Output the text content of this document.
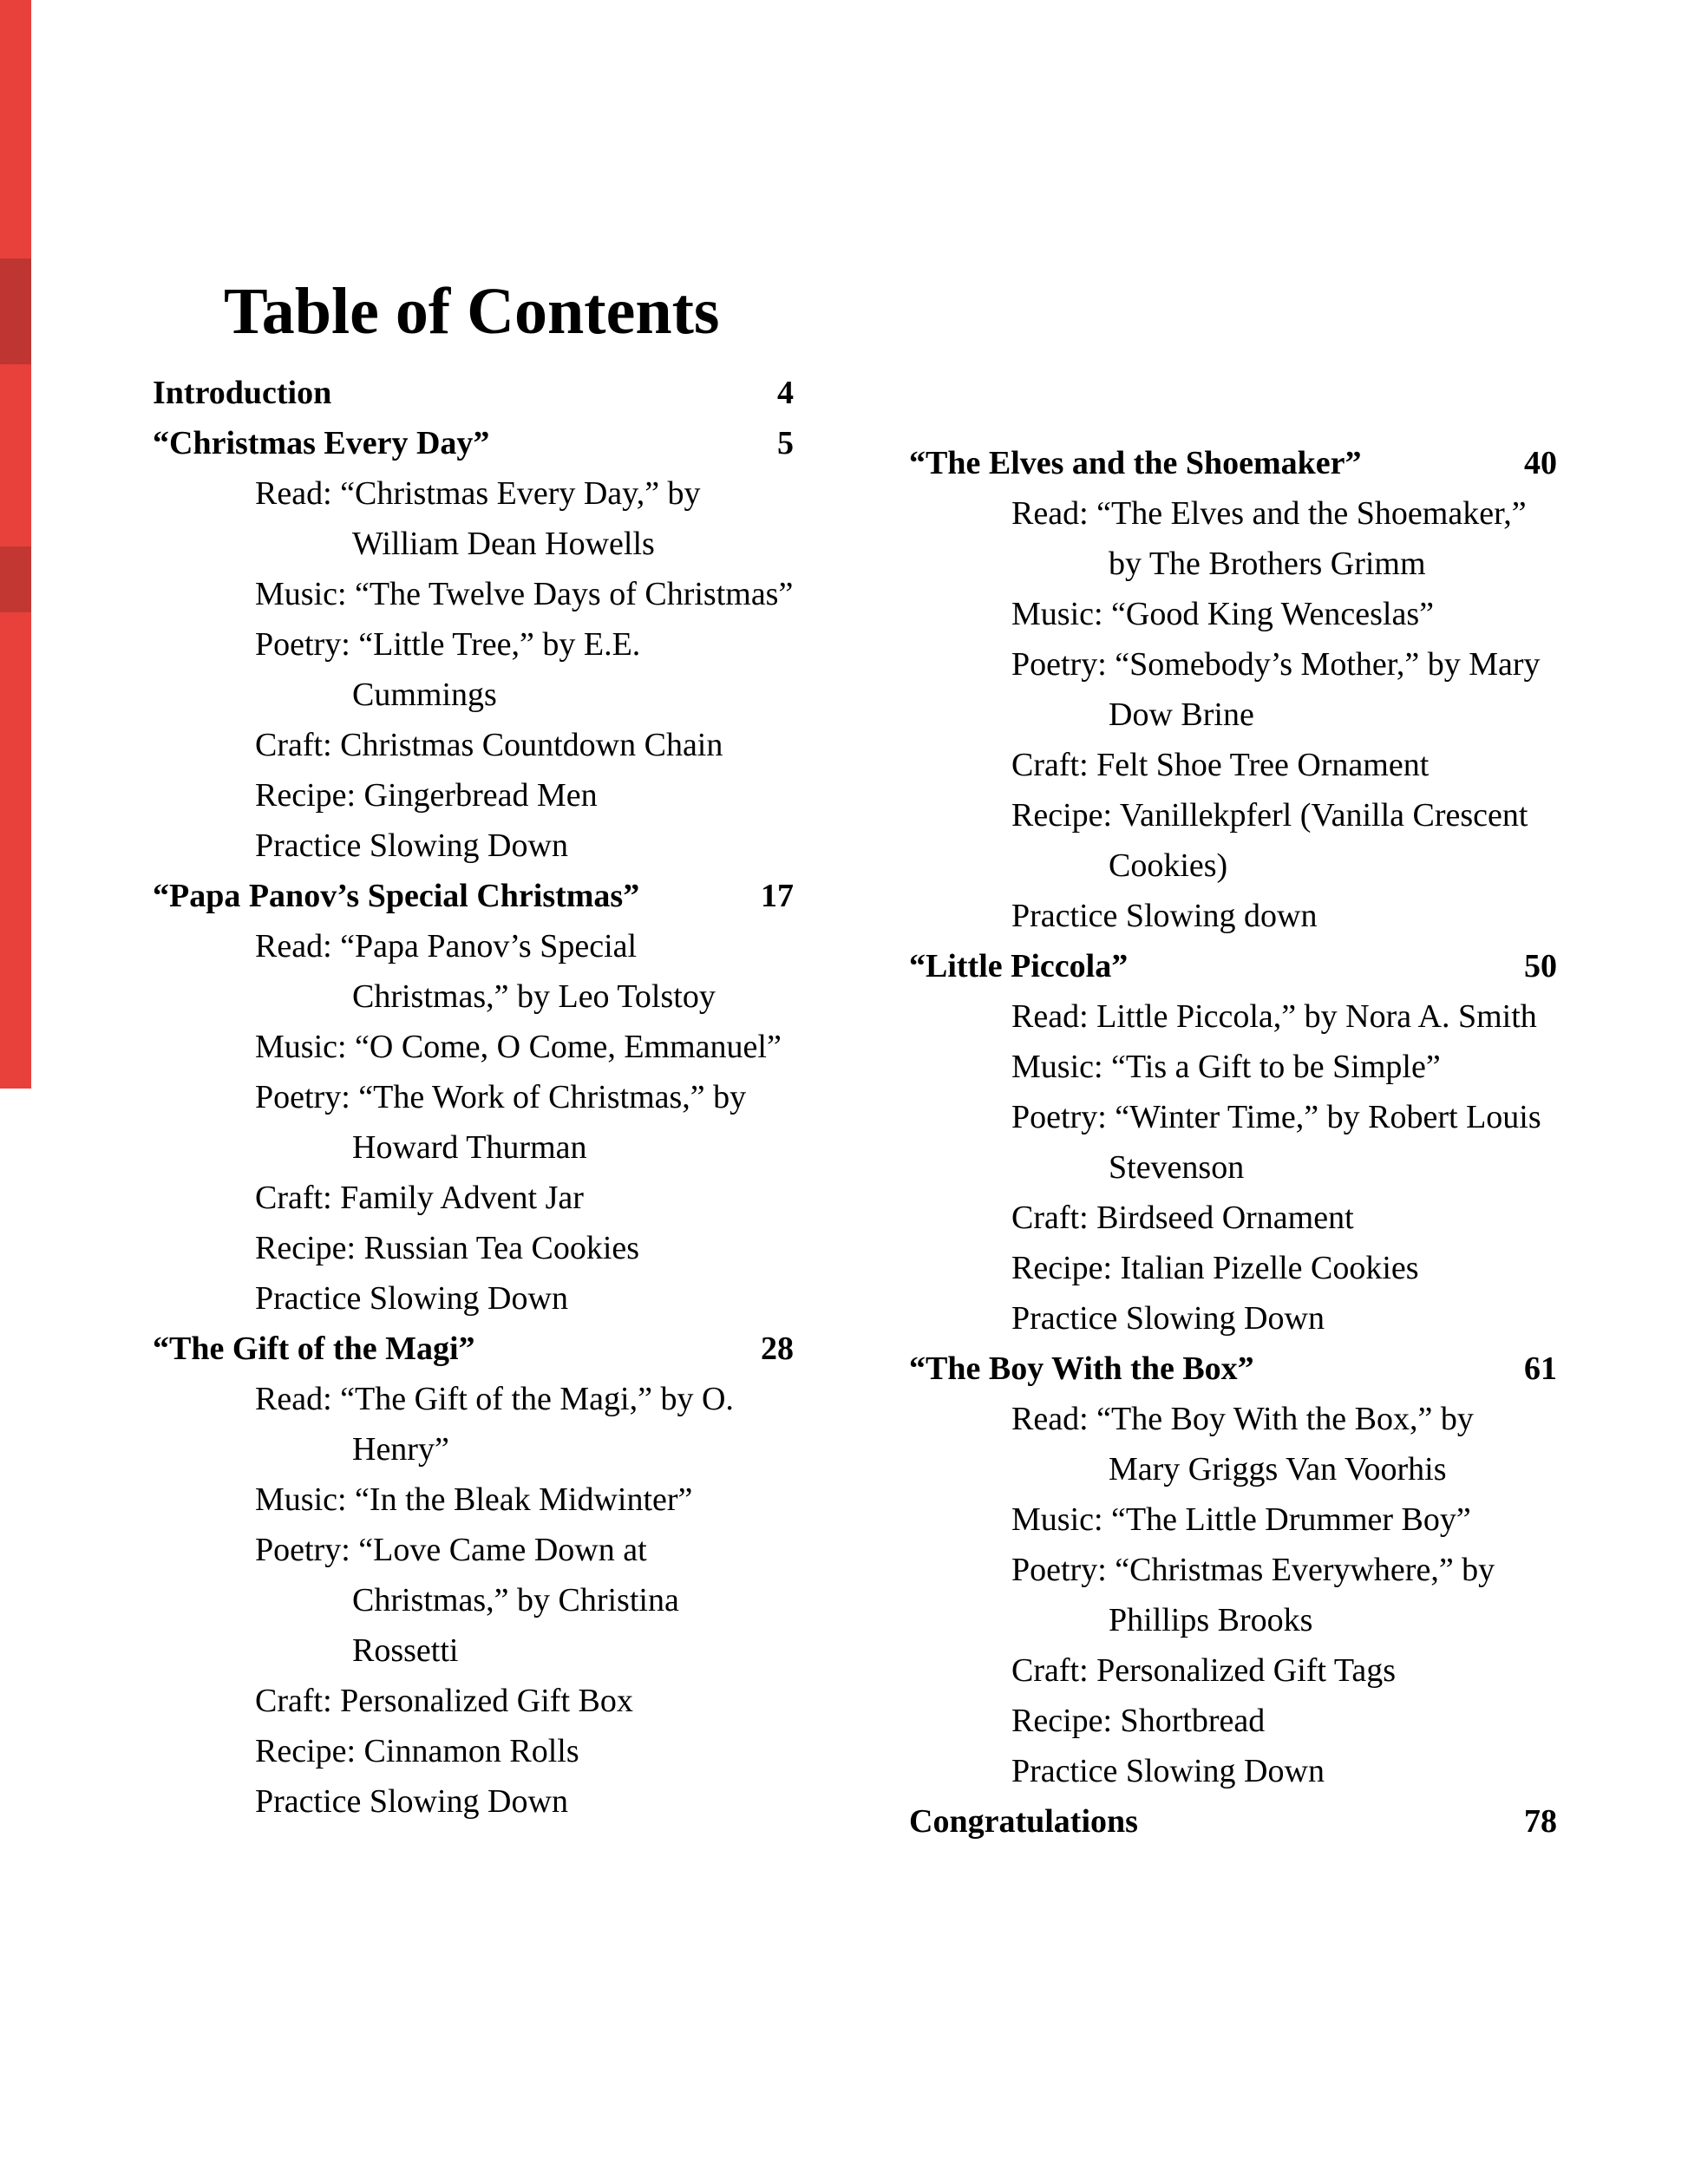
Table of Contents
Introduction	4
“Christmas Every Day”	5
Read: “Christmas Every Day,” by
William Dean Howells
Music: “The Twelve Days of Christmas”
Poetry: “Little Tree,” by E.E.
Cummings
Craft: Christmas Countdown Chain
Recipe: Gingerbread Men
Practice Slowing Down
“Papa Panov’s Special Christmas”	17
Read: “Papa Panov’s Special
Christmas,” by Leo Tolstoy
Music: “O Come, O Come, Emmanuel”
Poetry: “The Work of Christmas,” by
Howard Thurman
Craft: Family Advent Jar
Recipe: Russian Tea Cookies
Practice Slowing Down
“The Gift of the Magi”	28
Read: “The Gift of the Magi,” by O.
Henry”
Music: “In the Bleak Midwinter”
Poetry: “Love Came Down at
Christmas,” by Christina
Rossetti
Craft: Personalized Gift Box
Recipe: Cinnamon Rolls
Practice Slowing Down
“The Elves and the Shoemaker”	40
Read: “The Elves and the Shoemaker,”
by The Brothers Grimm
Music: “Good King Wenceslas”
Poetry: “Somebody’s Mother,” by Mary
Dow Brine
Craft: Felt Shoe Tree Ornament
Recipe: Vanillekpferl (Vanilla Crescent
Cookies)
Practice Slowing down
“Little Piccola”	50
Read: Little Piccola,” by Nora A. Smith
Music: “Tis a Gift to be Simple”
Poetry: “Winter Time,” by Robert Louis
Stevenson
Craft: Birdseed Ornament
Recipe: Italian Pizelle Cookies
Practice Slowing Down
“The Boy With the Box”	61
Read: “The Boy With the Box,” by
Mary Griggs Van Voorhis
Music: “The Little Drummer Boy”
Poetry: “Christmas Everywhere,” by
Phillips Brooks
Craft: Personalized Gift Tags
Recipe: Shortbread
Practice Slowing Down
Congratulations	78
